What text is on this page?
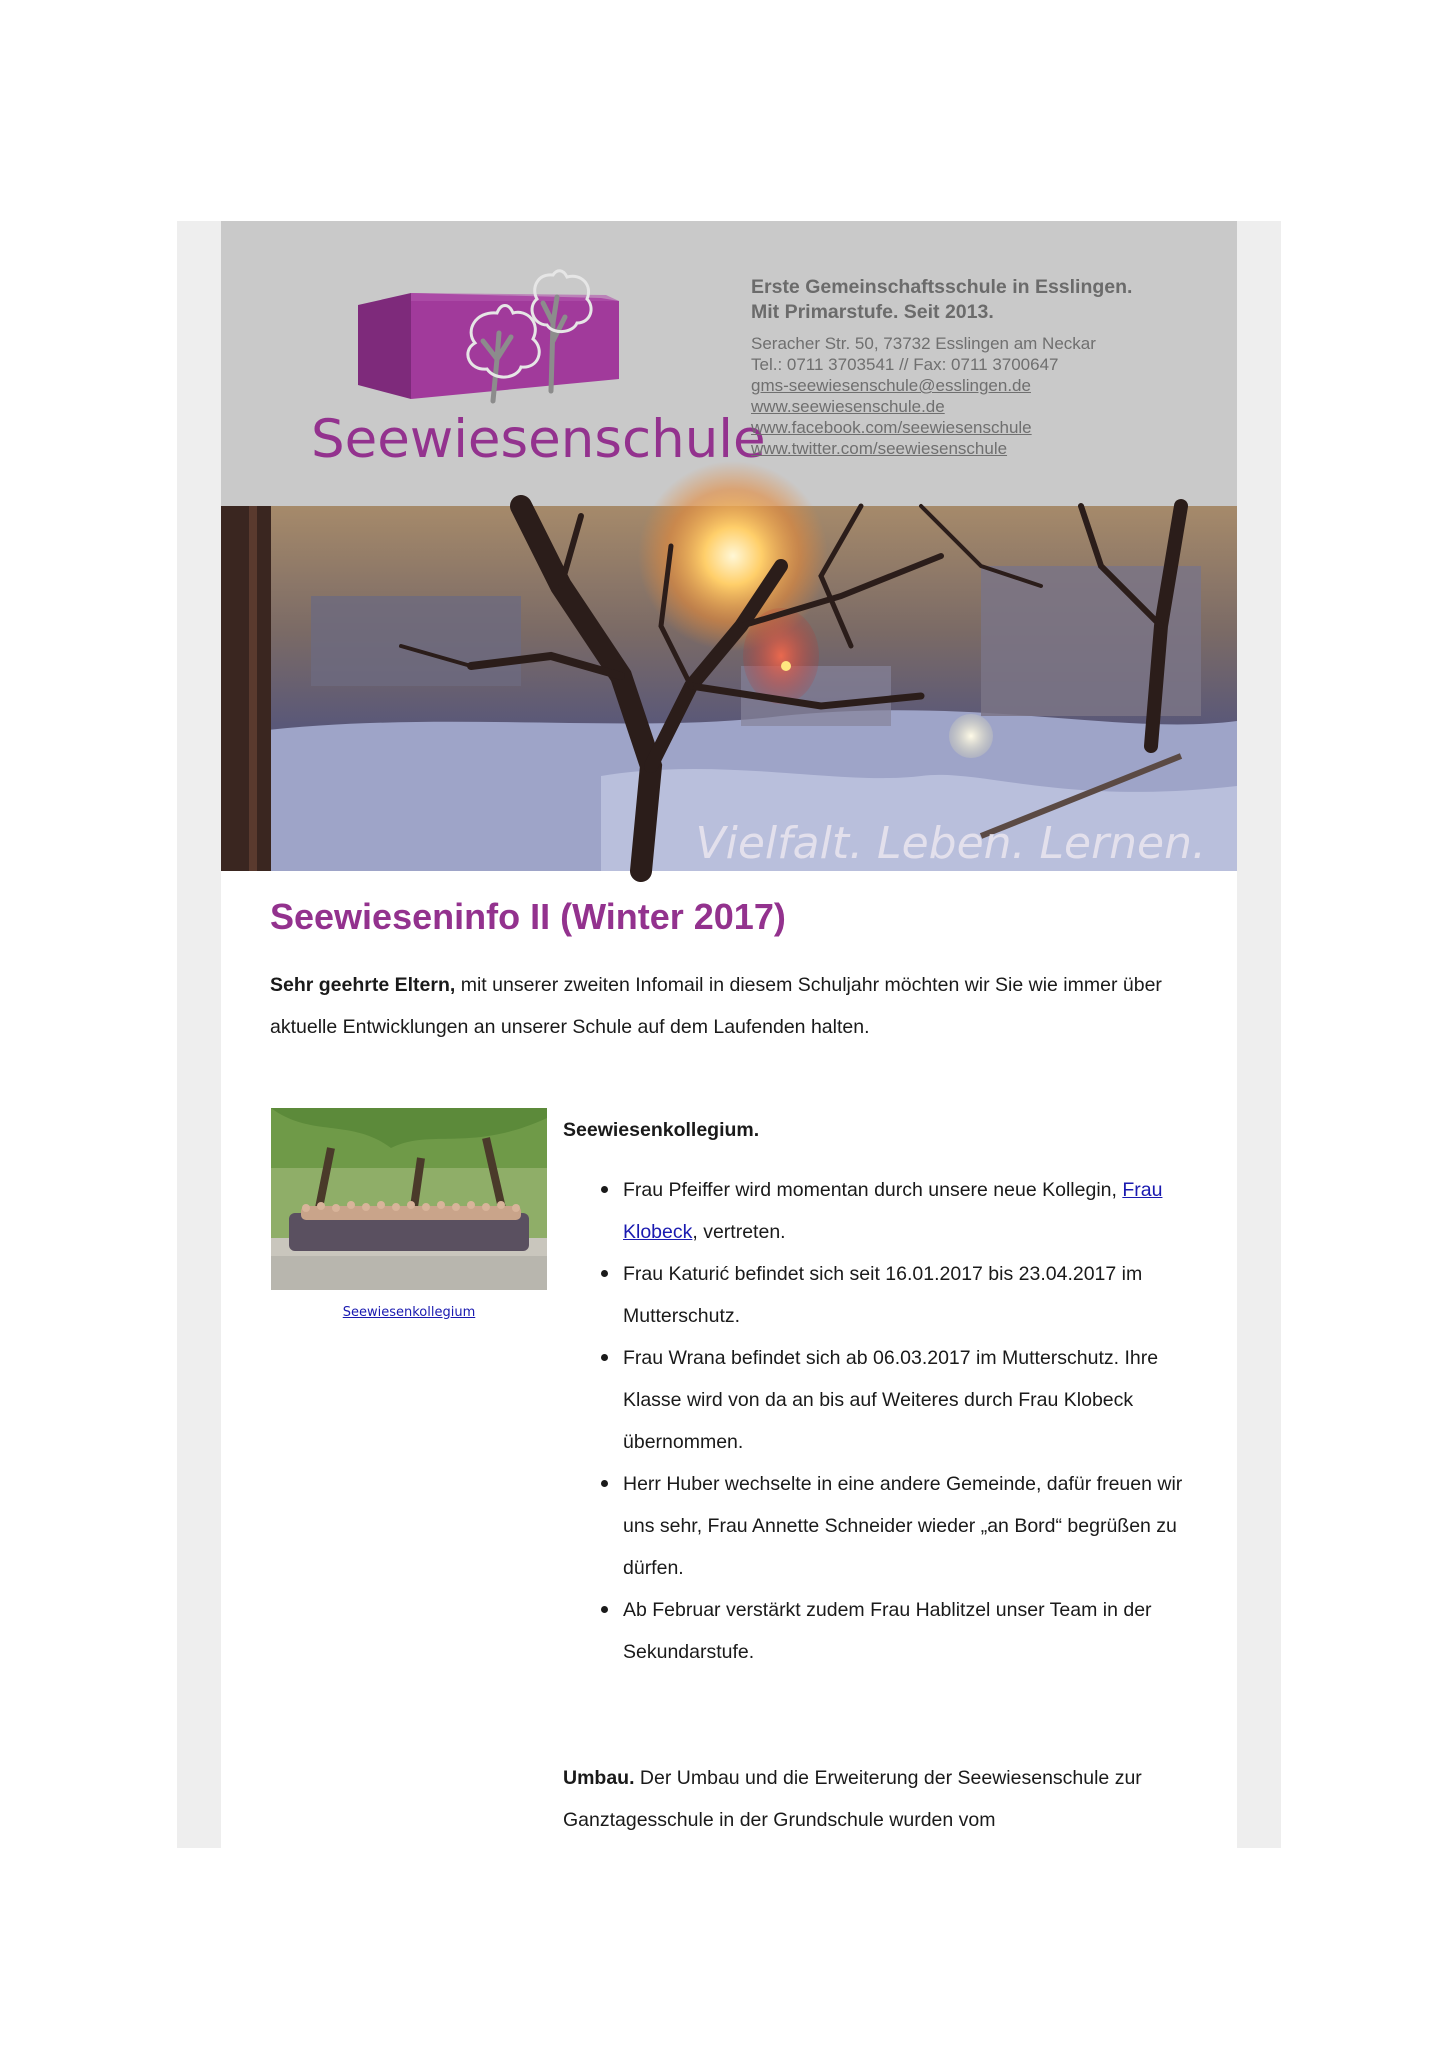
Seewiesenschule
Erste Gemeinschaftsschule in Esslingen.
Mit Primarstufe. Seit 2013.
Seracher Str. 50, 73732 Esslingen am Neckar
Tel.: 0711 3703541 // Fax: 0711 3700647
gms-seewiesenschule@esslingen.de
www.seewiesenschule.de
www.facebook.com/seewiesenschule
www.twitter.com/seewiesenschule
Vielfalt. Leben. Lernen.
Seewieseninfo II (Winter 2017)
Sehr geehrte Eltern, mit unserer zweiten Infomail in diesem Schuljahr möchten wir Sie wie immer über aktuelle Entwicklungen an unserer Schule auf dem Laufenden halten.
Seewiesenkollegium
Seewiesenkollegium.
Frau Pfeiffer wird momentan durch unsere neue Kollegin, Frau Klobeck, vertreten.
Frau Katurić befindet sich seit 16.01.2017 bis 23.04.2017 im Mutterschutz.
Frau Wrana befindet sich ab 06.03.2017 im Mutterschutz. Ihre Klasse wird von da an bis auf Weiteres durch Frau Klobeck übernommen.
Herr Huber wechselte in eine andere Gemeinde, dafür freuen wir uns sehr, Frau Annette Schneider wieder „an Bord“ begrüßen zu dürfen.
Ab Februar verstärkt zudem Frau Hablitzel unser Team in der Sekundarstufe.
Umbau. Der Umbau und die Erweiterung der Seewiesenschule zur Ganztagesschule in der Grundschule wurden vom
